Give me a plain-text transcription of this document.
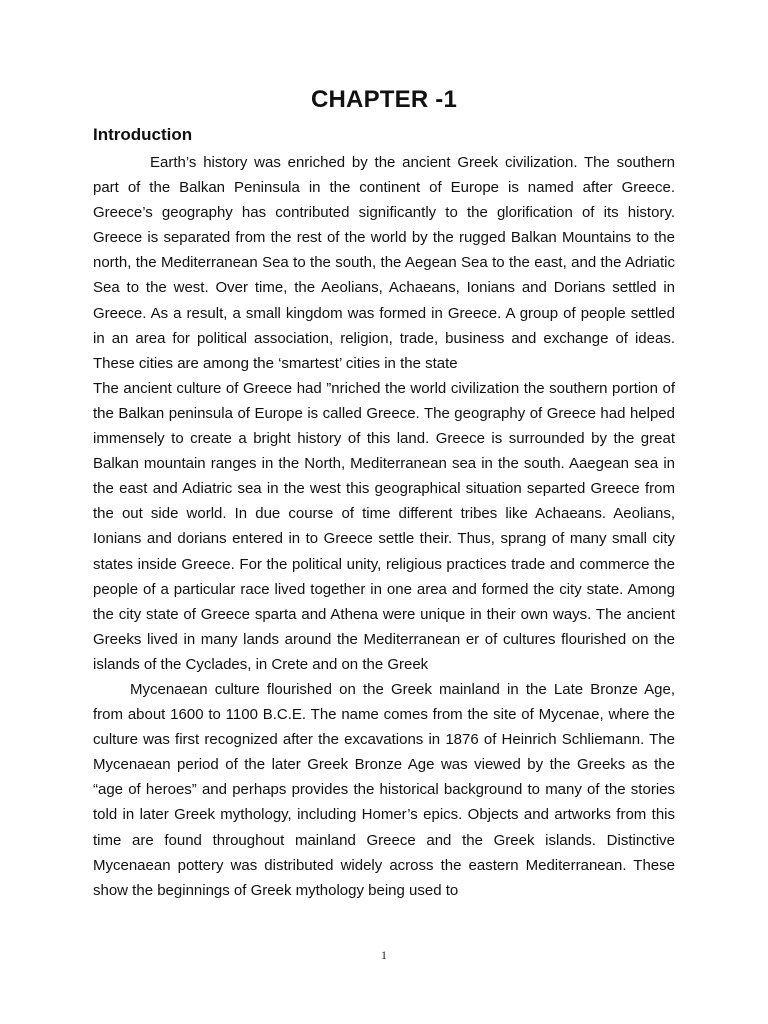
CHAPTER -1
Introduction

Earth’s history was enriched by the ancient Greek civilization. The southern part of the Balkan Peninsula in the continent of Europe is named after Greece. Greece’s geography has contributed significantly to the glorification of its history. Greece is separated from the rest of the world by the rugged Balkan Mountains to the north, the Mediterranean Sea to the south, the Aegean Sea to the east, and the Adriatic Sea to the west. Over time, the Aeolians, Achaeans, Ionians and Dorians settled in Greece. As a result, a small kingdom was formed in Greece. A group of people settled in an area for political association, religion, trade, business and exchange of ideas. These cities are among the ‘smartest’ cities in the state

The ancient culture of Greece had ”nriched the world civilization the southern portion of the Balkan peninsula of Europe is called Greece. The geography of Greece had helped immensely to create a bright history of this land. Greece is surrounded by the great Balkan mountain ranges in the North, Mediterranean sea in the south. Aaegean sea in the east and Adiatric sea in the west this geographical situation separted Greece from the out side world. In due course of time different tribes like Achaeans. Aeolians, Ionians and dorians entered in to Greece settle their. Thus, sprang of many small city states inside Greece. For the political unity, religious practices trade and commerce the people of a particular race lived together in one area and formed the city state. Among the city state of Greece sparta and Athena were unique in their own ways. The ancient Greeks lived in many lands around the Mediterranean er of cultures flourished on the islands of the Cyclades, in Crete and on the Greek

Mycenaean culture flourished on the Greek mainland in the Late Bronze Age, from about 1600 to 1100 B.C.E. The name comes from the site of Mycenae, where the culture was first recognized after the excavations in 1876 of Heinrich Schliemann. The Mycenaean period of the later Greek Bronze Age was viewed by the Greeks as the “age of heroes” and perhaps provides the historical background to many of the stories told in later Greek mythology, including Homer’s epics. Objects and artworks from this time are found throughout mainland Greece and the Greek islands. Distinctive Mycenaean pottery was distributed widely across the eastern Mediterranean. These show the beginnings of Greek mythology being used to

1
